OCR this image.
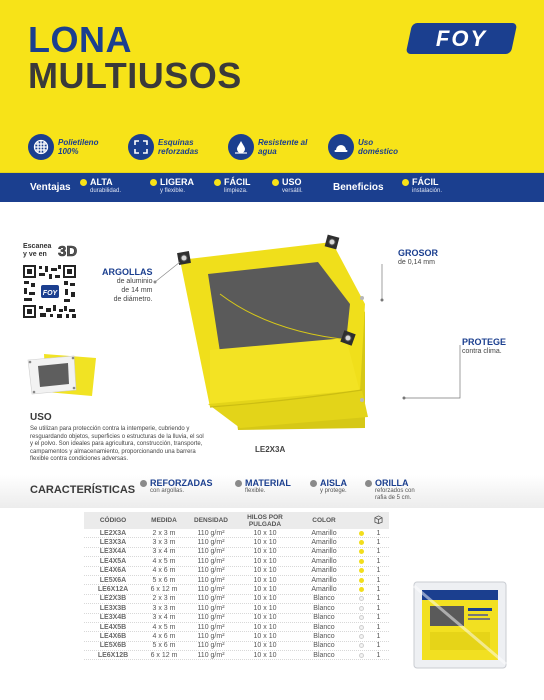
LONA
MULTIUSOS
FOY
Polietileno 100%
Esquinas reforzadas
Resistente al agua
Uso doméstico
Ventajas ALTA
durabilidad.
LIGERA
y flexible.
FÁCIL
limpieza.
USO
versátil.	Beneficios	FÁCIL
instalación.
Escanea
y ve en 3D
FOY
ARGOLLAS
de aluminio
de 14 mm
de diámetro.
GROSOR
de 0,14 mm
PROTEGE
contra clima.
LE2X3A
USO
Se utilizan para protección contra la intemperie, cubriendo y resguardando objetos, superficies o estructuras de la lluvia, el sol y el polvo. Son ideales para agricultura, construcción, transporte, campamentos y almacenamiento, proporcionando una barrera flexible contra condiciones adversas.
CARACTERÍSTICAS
REFORZADAS
con argollas.
MATERIAL
flexible.
AISLA
y protege.
ORILLA
reforzados con
rafia de 5 cm.
CÓDIGO	MEDIDA	DENSIDAD	HILOS POR
PULGADA	COLOR
LE2X3A	2 x 3 m	110 g/m²	10 x 10	Amarillo	1
LE3X3A	3 x 3 m	110 g/m²	10 x 10	Amarillo	1
LE3X4A	3 x 4 m	110 g/m²	10 x 10	Amarillo	1
LE4X5A	4 x 5 m	110 g/m²	10 x 10	Amarillo	1
LE4X6A	4 x 6 m	110 g/m²	10 x 10	Amarillo	1
LE5X6A	5 x 6 m	110 g/m²	10 x 10	Amarillo	1
LE6X12A	6 x 12 m	110 g/m²	10 x 10	Amarillo	1
LE2X3B	2 x 3 m	110 g/m²	10 x 10	Blanco	1
LE3X3B	3 x 3 m	110 g/m²	10 x 10	Blanco	1
LE3X4B	3 x 4 m	110 g/m²	10 x 10	Blanco	1
LE4X5B	4 x 5 m	110 g/m²	10 x 10	Blanco	1
LE4X6B	4 x 6 m	110 g/m²	10 x 10	Blanco	1
LE5X6B	5 x 6 m	110 g/m²	10 x 10	Blanco	1
LE6X12B	6 x 12 m	110 g/m²	10 x 10	Blanco	1
